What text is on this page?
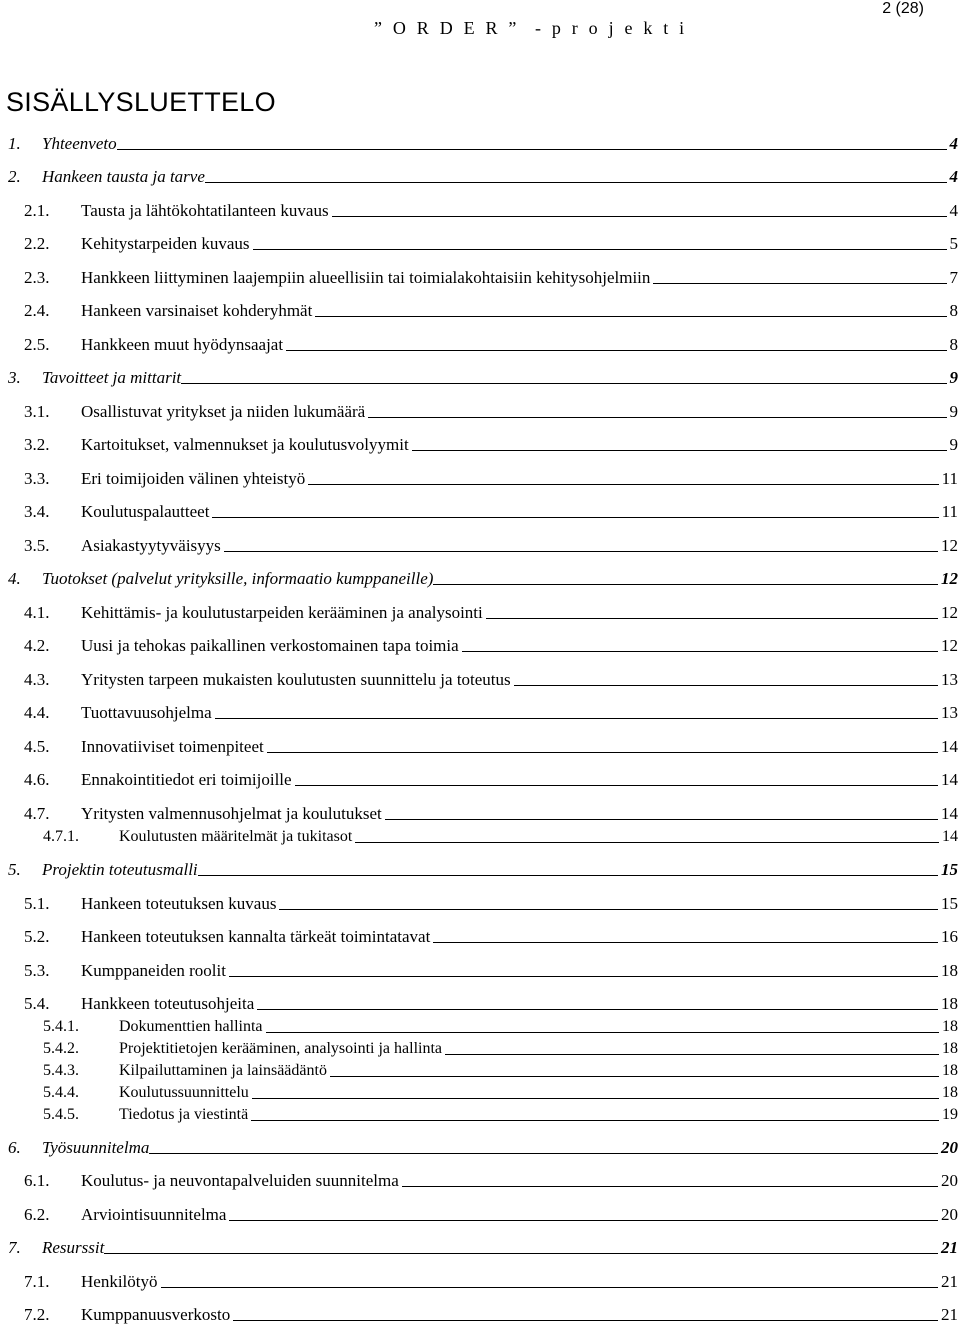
2 (28)
” O R D E R ”  - p r o j e k t i
SISÄLLYSLUETTELO
1. Yhteenveto	4
2. Hankeen tausta ja tarve	4
2.1. Tausta ja lähtökohtatilanteen kuvaus	4
2.2. Kehitystarpeiden kuvaus	5
2.3. Hankkeen liittyminen laajempiin alueellisiin tai toimialakohtaisiin kehitysohjelmiin	7
2.4. Hankeen varsinaiset kohderyhmät	8
2.5. Hankkeen muut hyödynsaajat	8
3. Tavoitteet ja mittarit	9
3.1. Osallistuvat yritykset ja niiden lukumäärä	9
3.2. Kartoitukset, valmennukset ja koulutusvolyymit	9
3.3. Eri toimijoiden välinen yhteistyö	11
3.4. Koulutuspalautteet	11
3.5. Asiakastyytyväisyys	12
4. Tuotokset (palvelut yrityksille, informaatio kumppaneille)	12
4.1. Kehittämis- ja koulutustarpeiden kerääminen ja analysointi	12
4.2. Uusi ja tehokas paikallinen verkostomainen tapa toimia	12
4.3. Yritysten tarpeen mukaisten koulutusten suunnittelu ja toteutus	13
4.4. Tuottavuusohjelma	13
4.5. Innovatiiviset toimenpiteet	14
4.6. Ennakointitiedot eri toimijoille	14
4.7. Yritysten valmennusohjelmat ja koulutukset	14
4.7.1.	Koulutusten määritelmät ja tukitasot	14
5. Projektin toteutusmalli	15
5.1. Hankeen toteutuksen kuvaus	15
5.2. Hankeen toteutuksen kannalta tärkeät toimintatavat	16
5.3. Kumppaneiden roolit	18
5.4. Hankkeen toteutusohjeita	18
5.4.1.	Dokumenttien hallinta	18
5.4.2.	Projektitietojen kerääminen, analysointi ja hallinta	18
5.4.3.	Kilpailuttaminen ja lainsäädäntö	18
5.4.4.	Koulutussuunnittelu	18
5.4.5.	Tiedotus ja viestintä	19
6. Työsuunnitelma	20
6.1. Koulutus- ja neuvontapalveluiden suunnitelma	20
6.2. Arviointisuunnitelma	20
7. Resurssit	21
7.1. Henkilötyö	21
7.2. Kumppanuusverkosto	21
